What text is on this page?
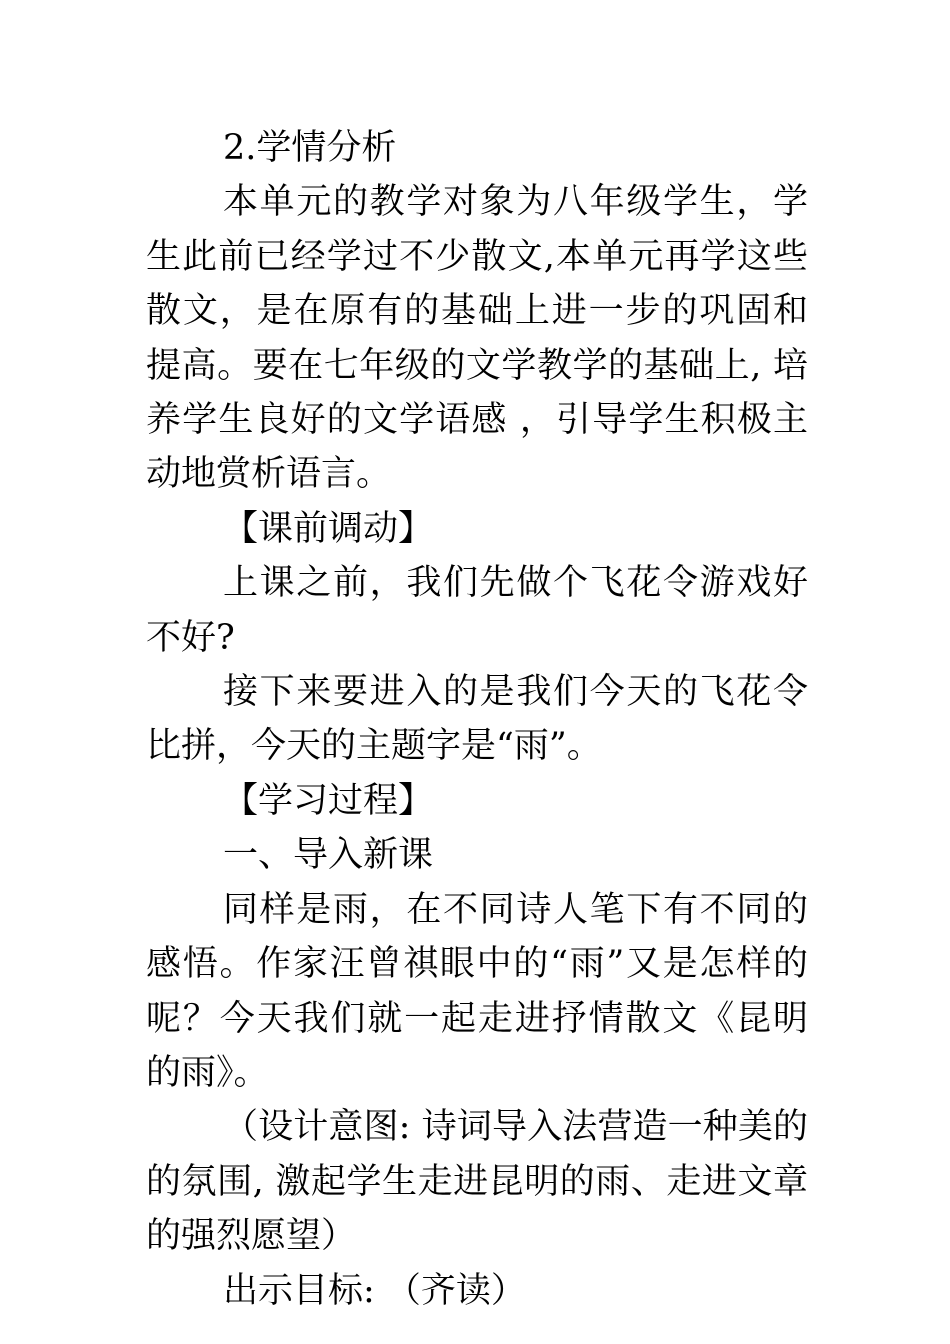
2.学情分析

本单元的教学对象为八年级学生，学生此前已经学过不少散文,本单元再学这些散文，是在原有的基础上进一步的巩固和提高。要在七年级的文学教学的基础上, 培养学生良好的文学语感 ，引导学生积极主动地赏析语言。

【课前调动】

上课之前，我们先做个飞花令游戏好不好?

接下来要进入的是我们今天的飞花令比拼，今天的主题字是“雨”。

【学习过程】

一、导入新课

同样是雨，在不同诗人笔下有不同的感悟。作家汪曾祺眼中的“雨”又是怎样的呢？今天我们就一起走进抒情散文《昆明的雨》。

（设计意图: 诗词导入法营造一种美的的氛围, 激起学生走进昆明的雨、走进文章的强烈愿望）

出示目标: （齐读）
